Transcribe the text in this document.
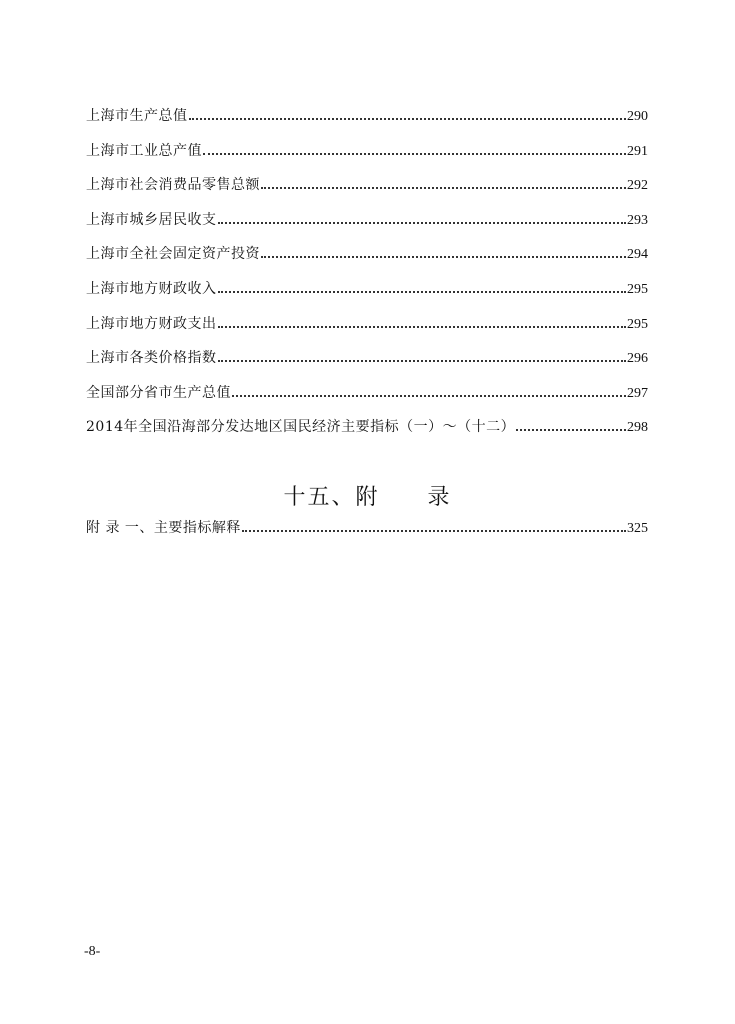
上海市生产总值	290
上海市工业总产值	291
上海市社会消费品零售总额	292
上海市城乡居民收支	293
上海市全社会固定资产投资	294
上海市地方财政收入	295
上海市地方财政支出	295
上海市各类价格指数	296
全国部分省市生产总值	297
2014年全国沿海部分发达地区国民经济主要指标（一）～（十二）	298
十五、附　　录
附 录 一、主要指标解释	325
-8-
